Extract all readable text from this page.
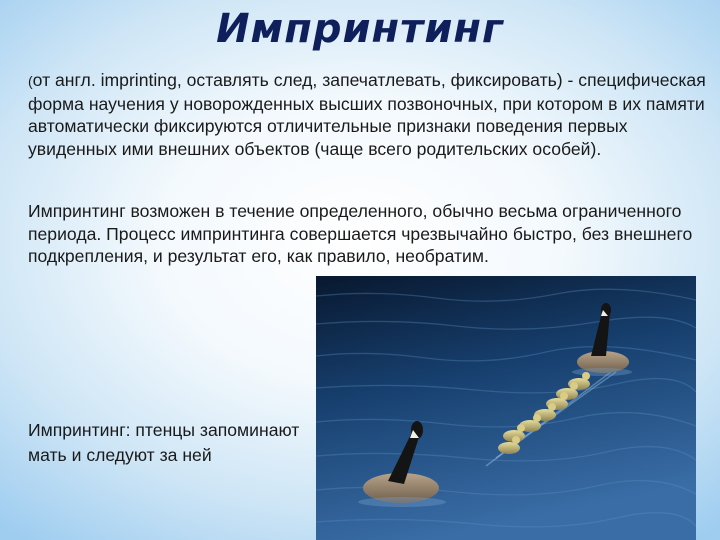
Импринтинг

(от англ. imprinting, оставлять след, запечатлевать, фиксировать) - специфическая форма научения у новорожденных высших позвоночных, при котором в их памяти автоматически фиксируются отличительные признаки поведения первых увиденных ими внешних объектов (чаще всего родительских особей).

Импринтинг возможен в течение определенного, обычно весьма ограниченного периода. Процесс импринтинга совершается чрезвычайно быстро, без внешнего подкрепления, и результат его, как правило, необратим.

Импринтинг: птенцы запоминают мать и следуют за ней
